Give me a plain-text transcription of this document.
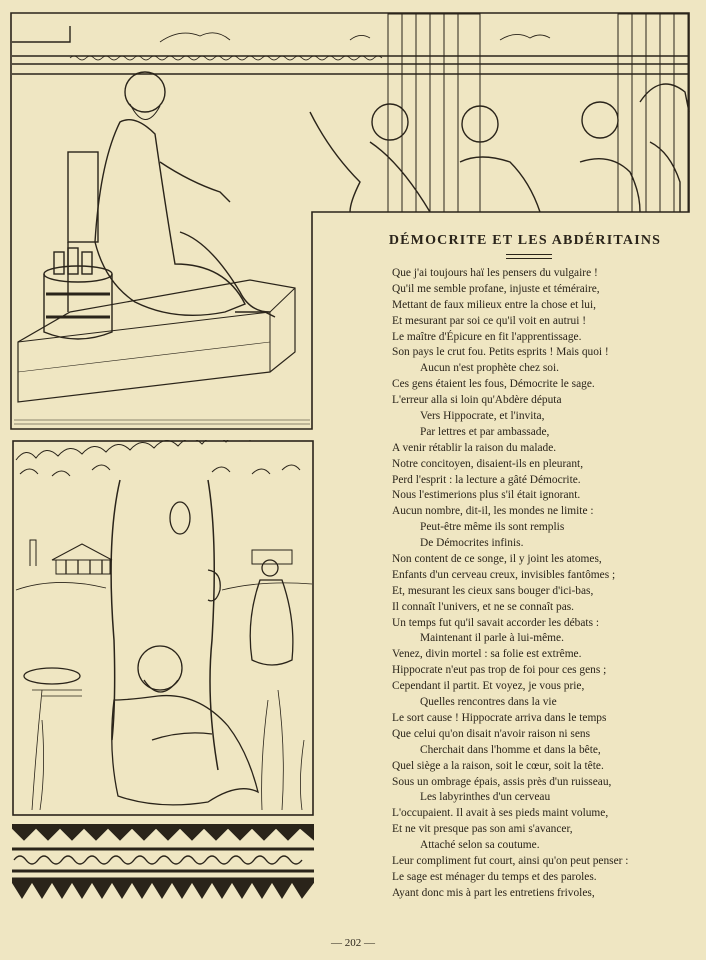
DÉMOCRITE ET LES ABDÉRITAINS
Que j'ai toujours haï les pensers du vulgaire !
Qu'il me semble profane, injuste et téméraire,
Mettant de faux milieux entre la chose et lui,
Et mesurant par soi ce qu'il voit en autrui !
Le maître d'Épicure en fit l'apprentissage.
Son pays le crut fou. Petits esprits ! Mais quoi !
Aucun n'est prophète chez soi.
Ces gens étaient les fous, Démocrite le sage.
L'erreur alla si loin qu'Abdère députa
Vers Hippocrate, et l'invita,
Par lettres et par ambassade,
A venir rétablir la raison du malade.
Notre concitoyen, disaient-ils en pleurant,
Perd l'esprit : la lecture a gâté Démocrite.
Nous l'estimerions plus s'il était ignorant.
Aucun nombre, dit-il, les mondes ne limite :
Peut-être même ils sont remplis
De Démocrites infinis.
Non content de ce songe, il y joint les atomes,
Enfants d'un cerveau creux, invisibles fantômes ;
Et, mesurant les cieux sans bouger d'ici-bas,
Il connaît l'univers, et ne se connaît pas.
Un temps fut qu'il savait accorder les débats :
Maintenant il parle à lui-même.
Venez, divin mortel : sa folie est extrême.
Hippocrate n'eut pas trop de foi pour ces gens ;
Cependant il partit. Et voyez, je vous prie,
Quelles rencontres dans la vie
Le sort cause ! Hippocrate arriva dans le temps
Que celui qu'on disait n'avoir raison ni sens
Cherchait dans l'homme et dans la bête,
Quel siège a la raison, soit le cœur, soit la tête.
Sous un ombrage épais, assis près d'un ruisseau,
Les labyrinthes d'un cerveau
L'occupaient. Il avait à ses pieds maint volume,
Et ne vit presque pas son ami s'avancer,
Attaché selon sa coutume.
Leur compliment fut court, ainsi qu'on peut penser :
Le sage est ménager du temps et des paroles.
Ayant donc mis à part les entretiens frivoles,
— 202 —
